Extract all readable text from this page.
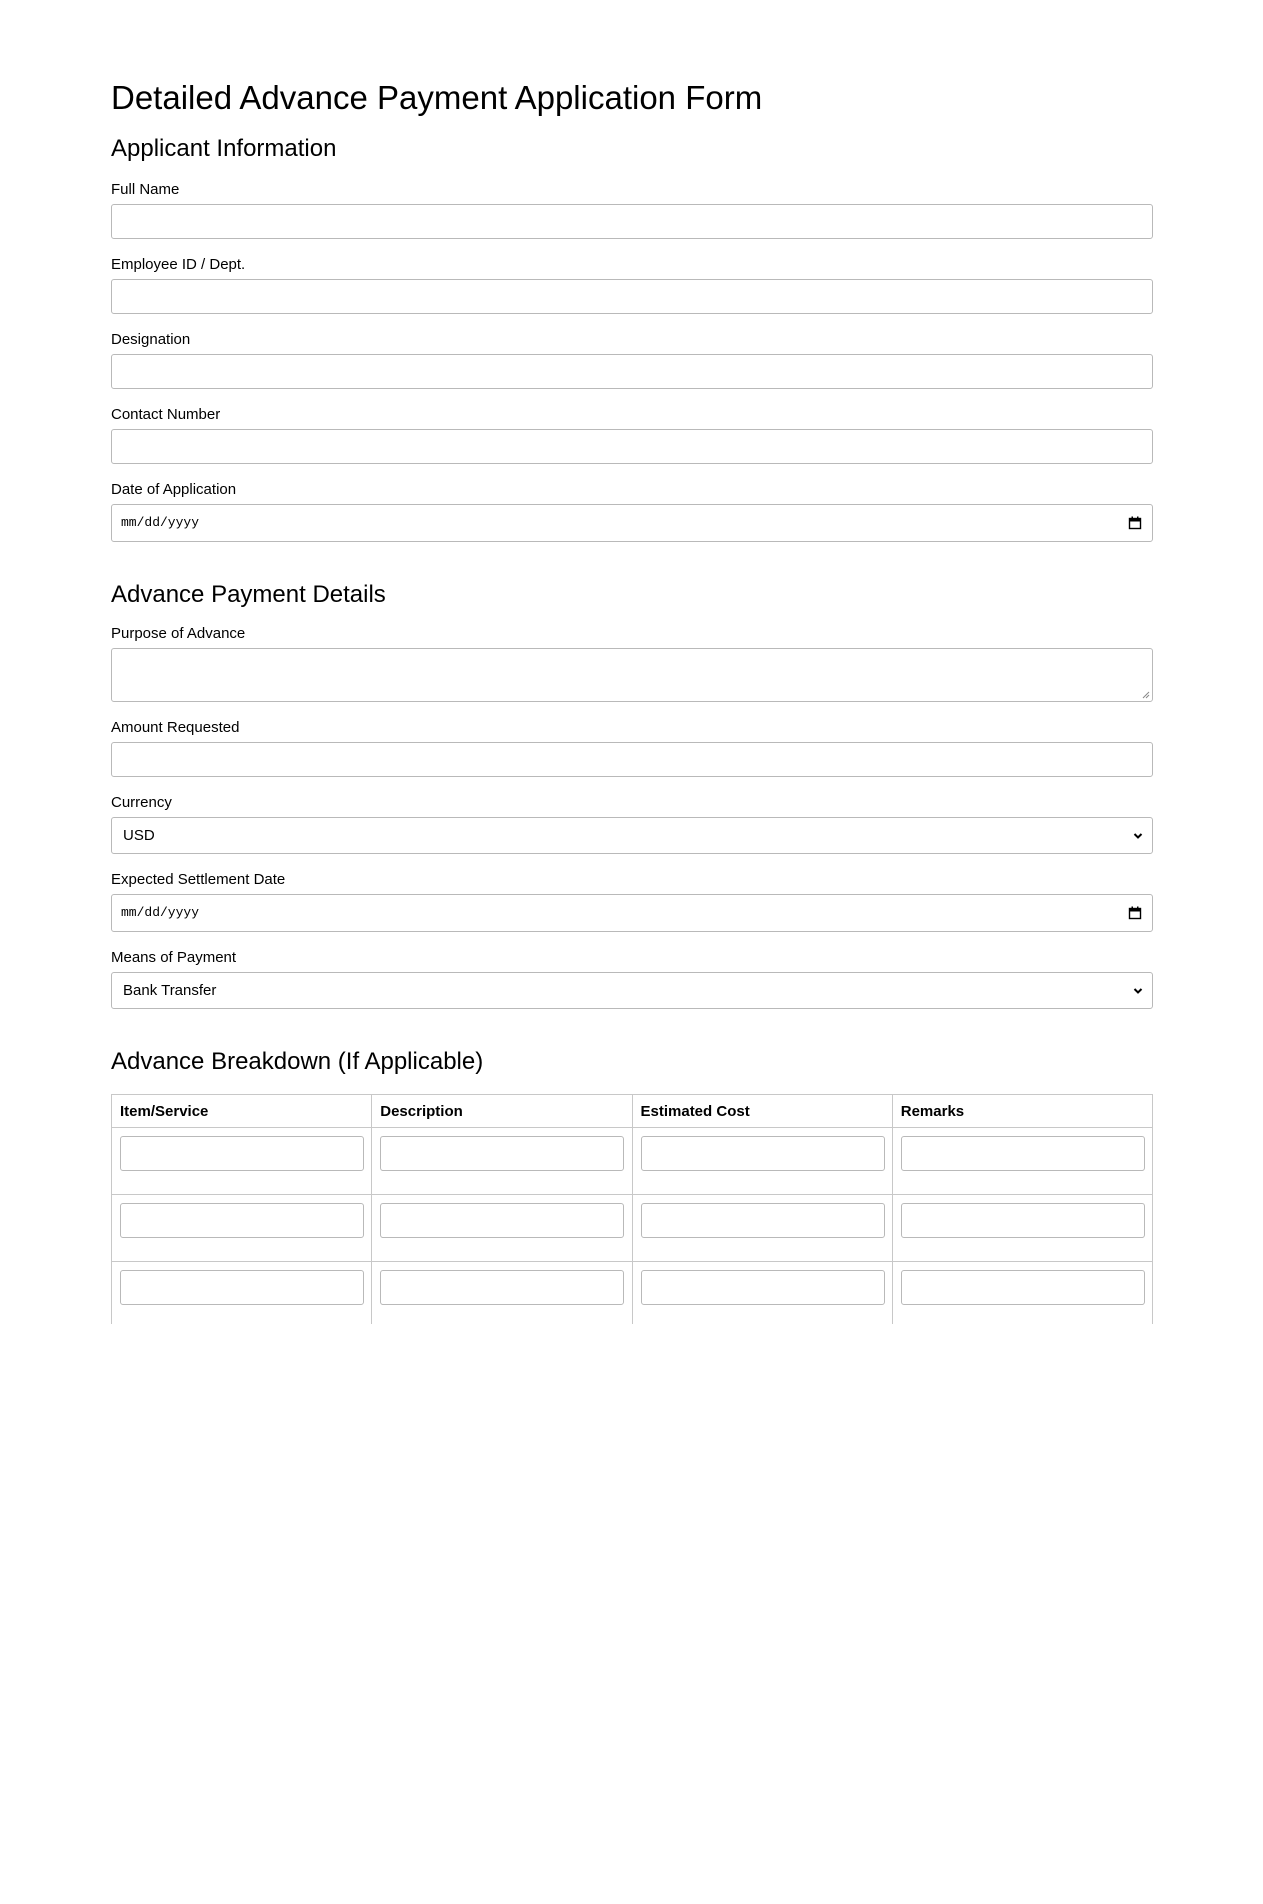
Detailed Advance Payment Application Form
Applicant Information
Full Name
Employee ID / Dept.
Designation
Contact Number
Date of Application
mm/dd/yyyy
Advance Payment Details
Purpose of Advance
Amount Requested
Currency
USD
Expected Settlement Date
mm/dd/yyyy
Means of Payment
Bank Transfer
Advance Breakdown (If Applicable)
Item/Service	Description	Estimated Cost	Remarks
